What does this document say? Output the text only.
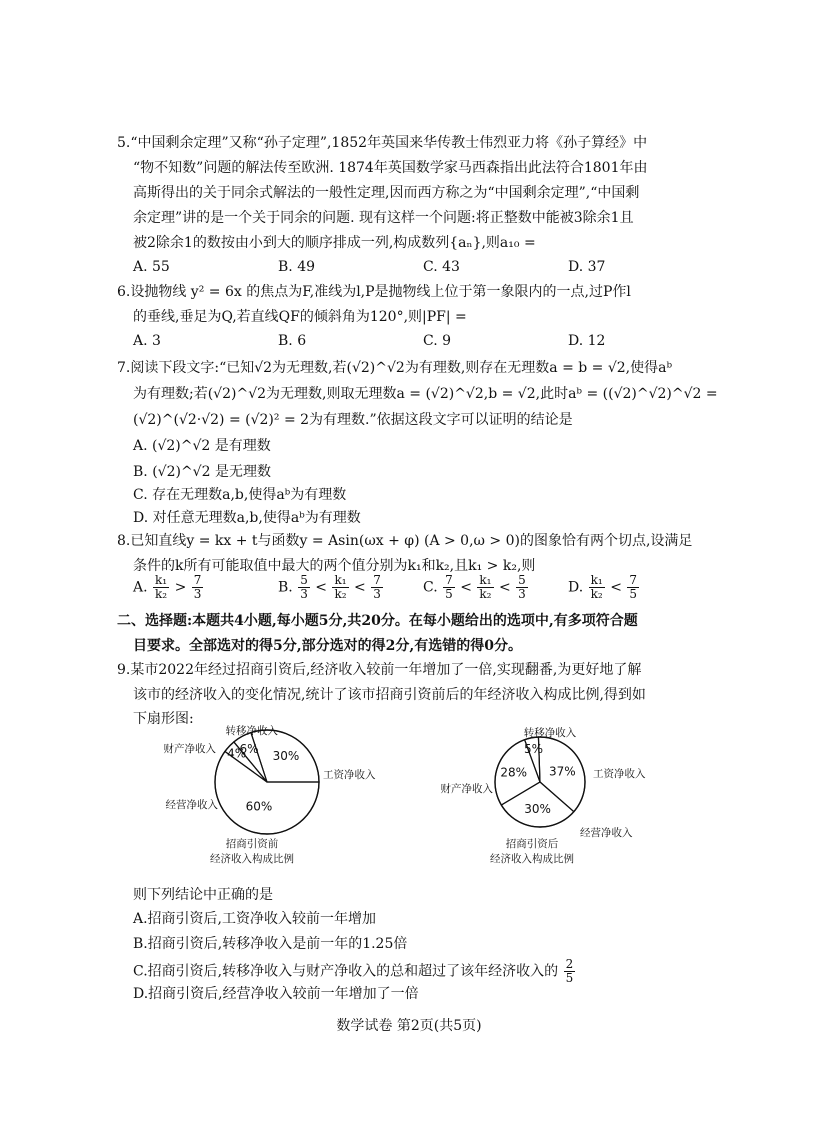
5.“中国剩余定理”又称“孙子定理”,1852年英国来华传教士伟烈亚力将《孙子算经》中
“物不知数”问题的解法传至欧洲. 1874年英国数学家马西森指出此法符合1801年由
高斯得出的关于同余式解法的一般性定理,因而西方称之为“中国剩余定理”,“中国剩
余定理”讲的是一个关于同余的问题. 现有这样一个问题:将正整数中能被3除余1且
被2除余1的数按由小到大的顺序排成一列,构成数列{aₙ},则a₁₀ =
A. 55	B. 49	C. 43	D. 37
6.设抛物线 y² = 6x 的焦点为F,准线为l,P是抛物线上位于第一象限内的一点,过P作l
的垂线,垂足为Q,若直线QF的倾斜角为120°,则|PF| =
A. 3	B. 6	C. 9	D. 12
7.阅读下段文字:“已知√2为无理数,若(√2)^√2为有理数,则存在无理数a = b = √2,使得aᵇ
为有理数;若(√2)^√2为无理数,则取无理数a = (√2)^√2,b = √2,此时aᵇ = ((√2)^√2)^√2 =
(√2)^(√2·√2) = (√2)² = 2为有理数.”依据这段文字可以证明的结论是
A. (√2)^√2 是有理数
B. (√2)^√2 是无理数
C. 存在无理数a,b,使得aᵇ为有理数
D. 对任意无理数a,b,使得aᵇ为有理数
8.已知直线y = kx + t与函数y = Asin(ωx + φ) (A > 0,ω > 0)的图象恰有两个切点,设满足
条件的k所有可能取值中最大的两个值分别为k₁和k₂,且k₁ > k₂,则
A. $\frac{\text{k₁}}{\text{k₂}} > \frac{7}{3}$	B. $\frac{5}{3} < \frac{\text{k₁}}{\text{k₂}} < \frac{7}{3}$	C. $\frac{7}{5} < \frac{\text{k₁}}{\text{k₂}} < \frac{5}{3}$	D. $\frac{\text{k₁}}{\text{k₂}} < \frac{7}{5}$
二、选择题:本题共4小题,每小题5分,共20分。在每小题给出的选项中,有多项符合题
目要求。全部选对的得5分,部分选对的得2分,有选错的得0分。
9.某市2022年经过招商引资后,经济收入较前一年增加了一倍,实现翻番,为更好地了解
该市的经济收入的变化情况,统计了该市招商引资前后的年经济收入构成比例,得到如
下扇形图:
4%
6% 30%
60%
转移净收入
财产净收入
经营净收入
工资净收入
招商引资前
经济收入构成比例
5%
37%
30%
28%
转移净收入
工资净收入
经营净收入
财产净收入
招商引资后
经济收入构成比例
则下列结论中正确的是
A.招商引资后,工资净收入较前一年增加
B.招商引资后,转移净收入是前一年的1.25倍
C.招商引资后,转移净收入与财产净收入的总和超过了该年经济收入的 $\frac{2}{5}$
D.招商引资后,经营净收入较前一年增加了一倍
数学试卷 第2页(共5页)
